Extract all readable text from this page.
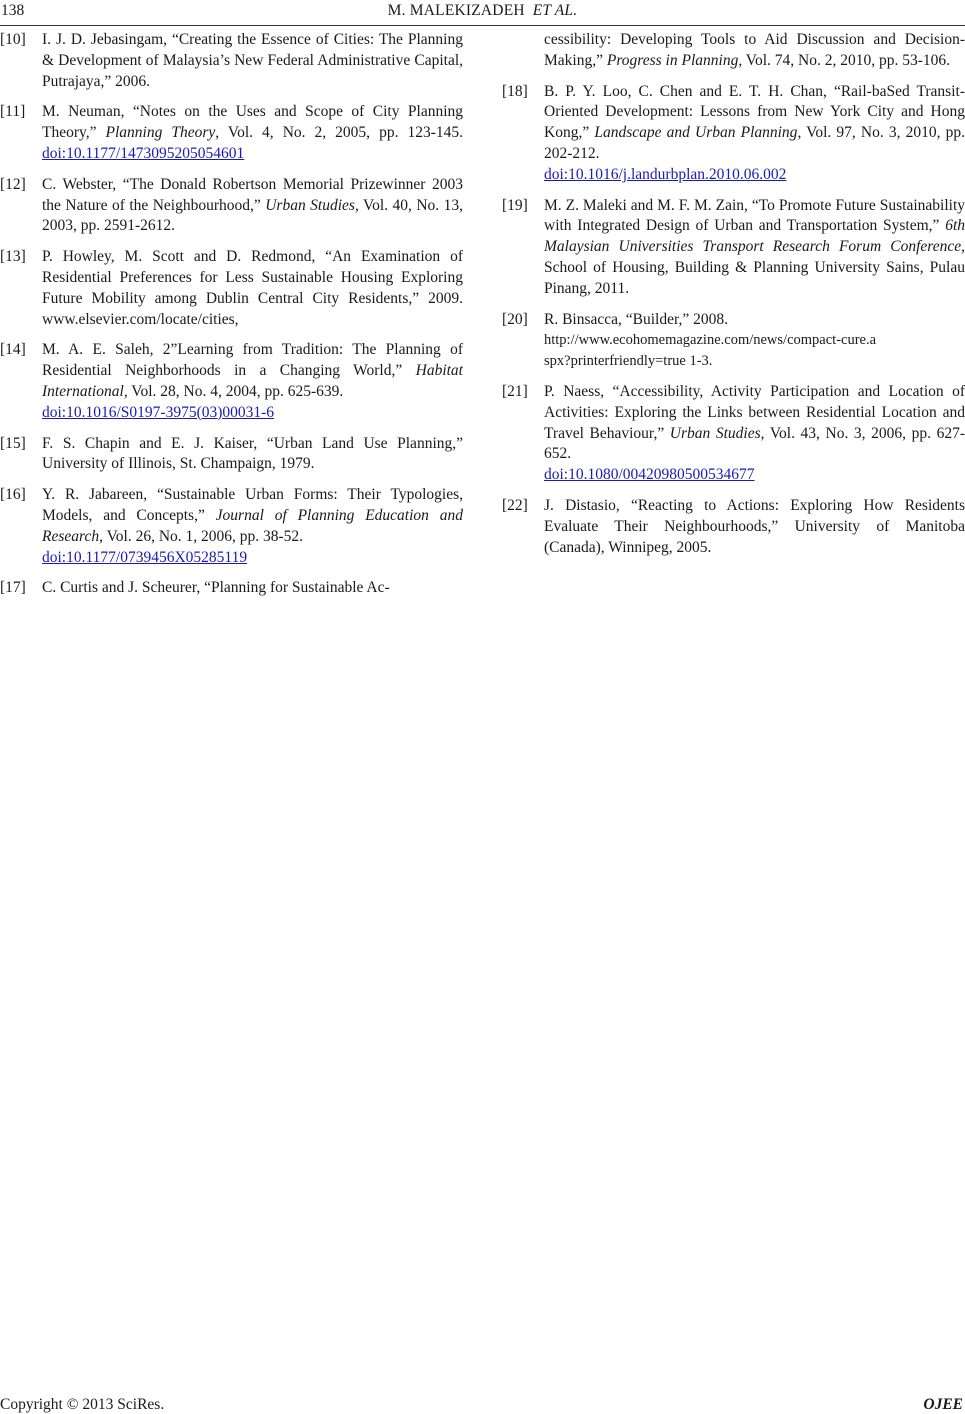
138	M. MALEKIZADEH ET AL.
[10] I. J. D. Jebasingam, “Creating the Essence of Cities: The Planning & Development of Malaysia’s New Federal Administrative Capital, Putrajaya,” 2006.
[11] M. Neuman, “Notes on the Uses and Scope of City Planning Theory,” Planning Theory, Vol. 4, No. 2, 2005, pp. 123-145. doi:10.1177/1473095205054601
[12] C. Webster, “The Donald Robertson Memorial Prizewinner 2003 the Nature of the Neighbourhood,” Urban Studies, Vol. 40, No. 13, 2003, pp. 2591-2612.
[13] P. Howley, M. Scott and D. Redmond, “An Examination of Residential Preferences for Less Sustainable Housing Exploring Future Mobility among Dublin Central City Residents,” 2009. www.elsevier.com/locate/cities,
[14] M. A. E. Saleh, 2”Learning from Tradition: The Planning of Residential Neighborhoods in a Changing World,” Habitat International, Vol. 28, No. 4, 2004, pp. 625-639.
doi:10.1016/S0197-3975(03)00031-6
[15] F. S. Chapin and E. J. Kaiser, “Urban Land Use Planning,” University of Illinois, St. Champaign, 1979.
[16] Y. R. Jabareen, “Sustainable Urban Forms: Their Typologies, Models, and Concepts,” Journal of Planning Education and Research, Vol. 26, No. 1, 2006, pp. 38-52.
doi:10.1177/0739456X05285119
[17] C. Curtis and J. Scheurer, “Planning for Sustainable Ac-
cessibility: Developing Tools to Aid Discussion and Decision-Making,” Progress in Planning, Vol. 74, No. 2, 2010, pp. 53-106.
[18] B. P. Y. Loo, C. Chen and E. T. H. Chan, “Rail-baSed Transit-Oriented Development: Lessons from New York City and Hong Kong,” Landscape and Urban Planning, Vol. 97, No. 3, 2010, pp. 202-212.
doi:10.1016/j.landurbplan.2010.06.002
[19] M. Z. Maleki and M. F. M. Zain, “To Promote Future Sustainability with Integrated Design of Urban and Transportation System,” 6th Malaysian Universities Transport Research Forum Conference, School of Housing, Building & Planning University Sains, Pulau Pinang, 2011.
[20] R. Binsacca, “Builder,” 2008.
http://www.ecohomemagazine.com/news/compact-cure.a
spx?printerfriendly=true 1-3.
[21] P. Naess, “Accessibility, Activity Participation and Location of Activities: Exploring the Links between Residential Location and Travel Behaviour,” Urban Studies, Vol. 43, No. 3, 2006, pp. 627-652.
doi:10.1080/00420980500534677
[22] J. Distasio, “Reacting to Actions: Exploring How Residents Evaluate Their Neighbourhoods,” University of Manitoba (Canada), Winnipeg, 2005.
Copyright © 2013 SciRes.	OJEE
